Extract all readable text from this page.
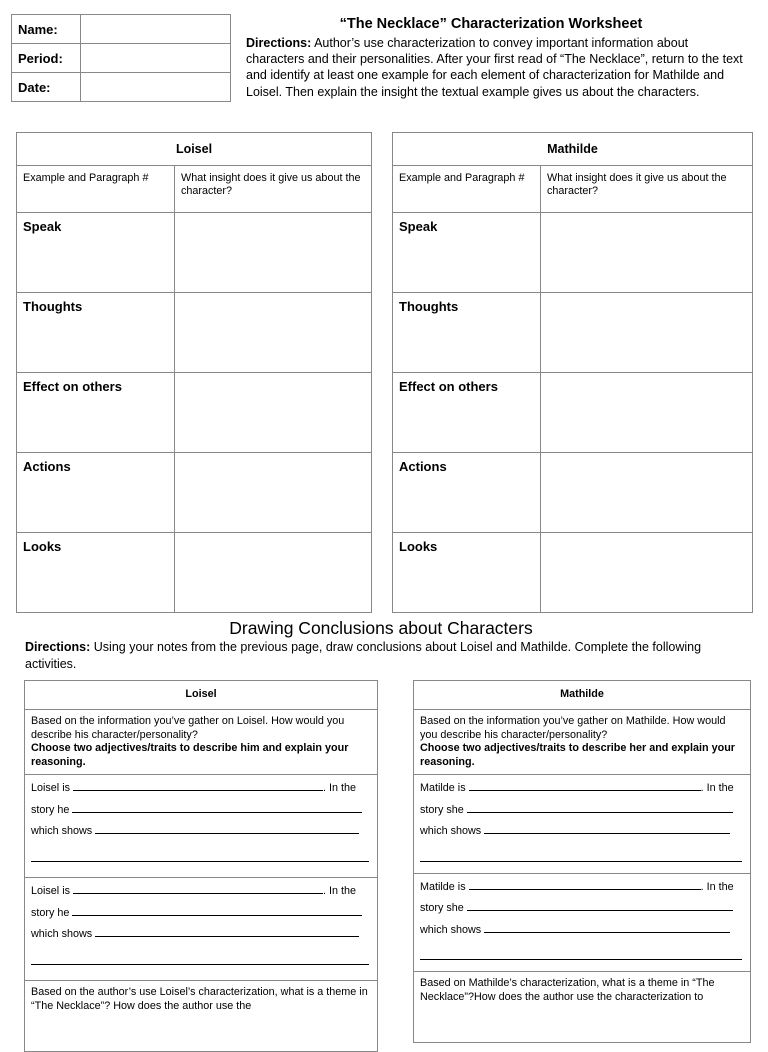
Name:	
Period:	
Date:	
“The Necklace” Characterization Worksheet
Directions: Author’s use characterization to convey important information about characters and their personalities. After your first read of “The Necklace”, return to the text and identify at least one example for each element of characterization for Mathilde and Loisel. Then explain the insight the textual example gives us about the characters.
Loisel	
Example and Paragraph #	What insight does it give us about the character?
Speak	
Thoughts	
Effect on others	
Actions	
Looks	
Mathilde	
Example and Paragraph #	What insight does it give us about the character?
Speak	
Thoughts	
Effect on others	
Actions	
Looks	
Drawing Conclusions about Characters
Directions: Using your notes from the previous page, draw conclusions about Loisel and Mathilde. Complete the following activities.
Loisel
Based on the information you’ve gather on Loisel. How would you describe his character/personality?
Choose two adjectives/traits to describe him and explain your reasoning.

Loisel is	. In the
story he
which shows

Loisel is	. In the
story he
which shows

Based on the author’s use Loisel’s characterization, what is a theme in “The Necklace”? How does the author use the
Mathilde
Based on the information you’ve gather on Mathilde. How would you describe his character/personality?
Choose two adjectives/traits to describe her and explain your reasoning.

Matilde is	. In the
story she
which shows

Matilde is	. In the
story she
which shows

Based on Mathilde’s characterization, what is a theme in “The Necklace”?How does the author use the characterization to
